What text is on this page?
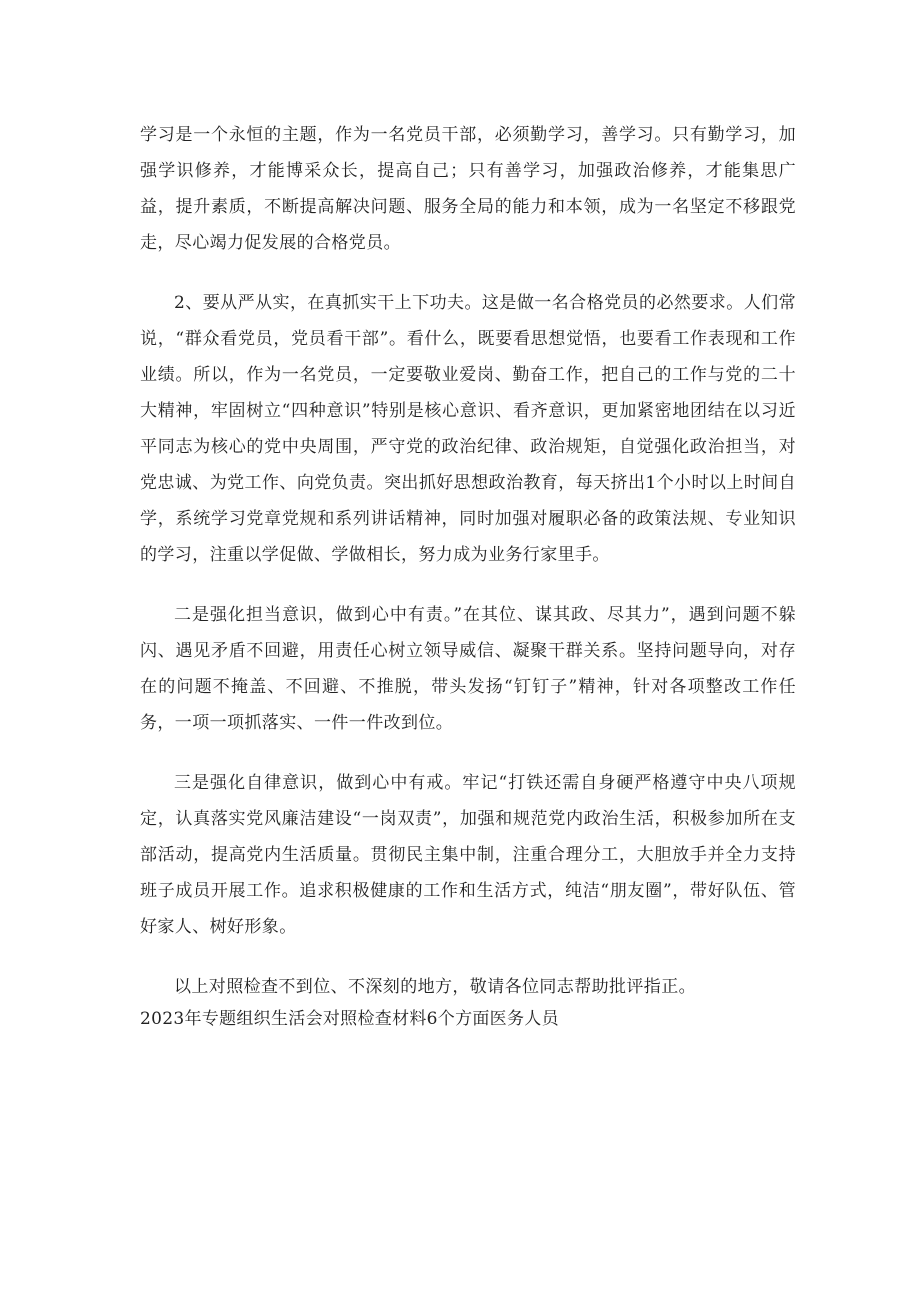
学习是一个永恒的主题，作为一名党员干部，必须勤学习，善学习。只有勤学习，加强学识修养，才能博采众长，提高自己；只有善学习，加强政治修养，才能集思广益，提升素质，不断提高解决问题、服务全局的能力和本领，成为一名坚定不移跟党走，尽心竭力促发展的合格党员。

2、要从严从实，在真抓实干上下功夫。这是做一名合格党员的必然要求。人们常说，“群众看党员，党员看干部”。看什么，既要看思想觉悟，也要看工作表现和工作业绩。所以，作为一名党员，一定要敬业爱岗、勤奋工作，把自己的工作与党的二十大精神，牢固树立“四种意识”特别是核心意识、看齐意识，更加紧密地团结在以习近平同志为核心的党中央周围，严守党的政治纪律、政治规矩，自觉强化政治担当，对党忠诚、为党工作、向党负责。突出抓好思想政治教育，每天挤出1个小时以上时间自学，系统学习党章党规和系列讲话精神，同时加强对履职必备的政策法规、专业知识的学习，注重以学促做、学做相长，努力成为业务行家里手。

二是强化担当意识，做到心中有责。”在其位、谋其政、尽其力”，遇到问题不躲闪、遇见矛盾不回避，用责任心树立领导威信、凝聚干群关系。坚持问题导向，对存在的问题不掩盖、不回避、不推脱，带头发扬“钉钉子”精神，针对各项整改工作任务，一项一项抓落实、一件一件改到位。

三是强化自律意识，做到心中有戒。牢记“打铁还需自身硬严格遵守中央八项规定，认真落实党风廉洁建设“一岗双责”，加强和规范党内政治生活，积极参加所在支部活动，提高党内生活质量。贯彻民主集中制，注重合理分工，大胆放手并全力支持班子成员开展工作。追求积极健康的工作和生活方式，纯洁“朋友圈”，带好队伍、管好家人、树好形象。

以上对照检查不到位、不深刻的地方，敬请各位同志帮助批评指正。

2023年专题组织生活会对照检查材料6个方面医务人员
